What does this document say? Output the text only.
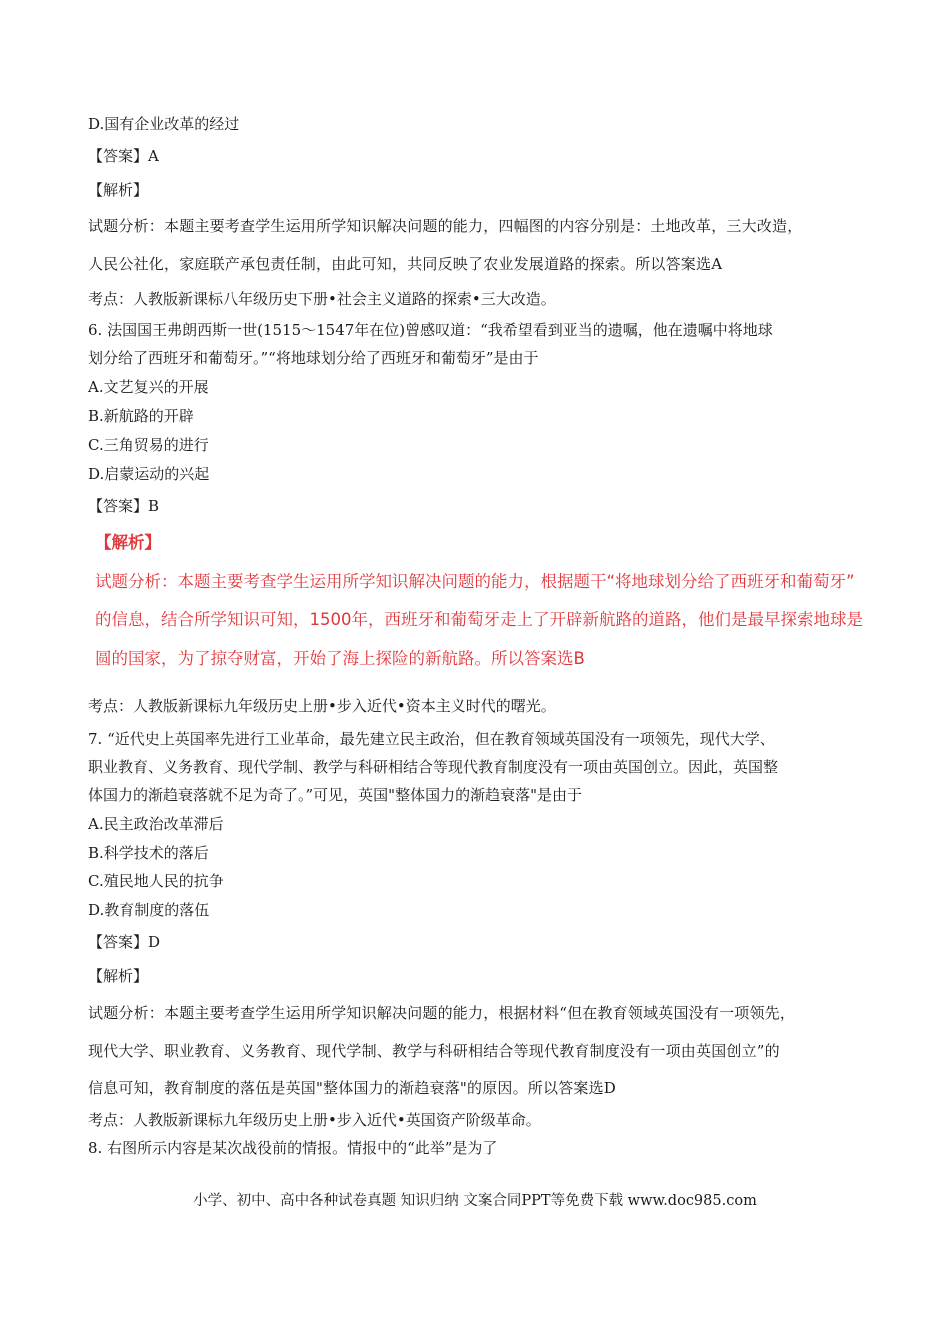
D.国有企业改革的经过
【答案】A
【解析】
试题分析：本题主要考查学生运用所学知识解决问题的能力，四幅图的内容分别是：土地改革，三大改造，
人民公社化，家庭联产承包责任制，由此可知，共同反映了农业发展道路的探索。所以答案选A
考点：人教版新课标八年级历史下册•社会主义道路的探索•三大改造。
6. 法国国王弗朗西斯一世(1515～1547年在位)曾感叹道：“我希望看到亚当的遗嘱，他在遗嘱中将地球
划分给了西班牙和葡萄牙。”“将地球划分给了西班牙和葡萄牙”是由于
A.文艺复兴的开展
B.新航路的开辟
C.三角贸易的进行
D.启蒙运动的兴起
【答案】B
【解析】
试题分析：本题主要考查学生运用所学知识解决问题的能力，根据题干“将地球划分给了西班牙和葡萄牙”
的信息，结合所学知识可知，1500年，西班牙和葡萄牙走上了开辟新航路的道路，他们是最早探索地球是
圆的国家，为了掠夺财富，开始了海上探险的新航路。所以答案选B
考点：人教版新课标九年级历史上册•步入近代•资本主义时代的曙光。
7. “近代史上英国率先进行工业革命，最先建立民主政治，但在教育领域英国没有一项领先，现代大学、
职业教育、义务教育、现代学制、教学与科研相结合等现代教育制度没有一项由英国创立。因此，英国整
体国力的渐趋衰落就不足为奇了。”可见，英国"整体国力的渐趋衰落"是由于
A.民主政治改革滞后
B.科学技术的落后
C.殖民地人民的抗争
D.教育制度的落伍
【答案】D
【解析】
试题分析：本题主要考查学生运用所学知识解决问题的能力，根据材料“但在教育领域英国没有一项领先，
现代大学、职业教育、义务教育、现代学制、教学与科研相结合等现代教育制度没有一项由英国创立”的
信息可知，教育制度的落伍是英国"整体国力的渐趋衰落"的原因。所以答案选D
考点：人教版新课标九年级历史上册•步入近代•英国资产阶级革命。
8. 右图所示内容是某次战役前的情报。情报中的“此举”是为了
小学、初中、高中各种试卷真题 知识归纳 文案合同PPT等免费下载 www.doc985.com
